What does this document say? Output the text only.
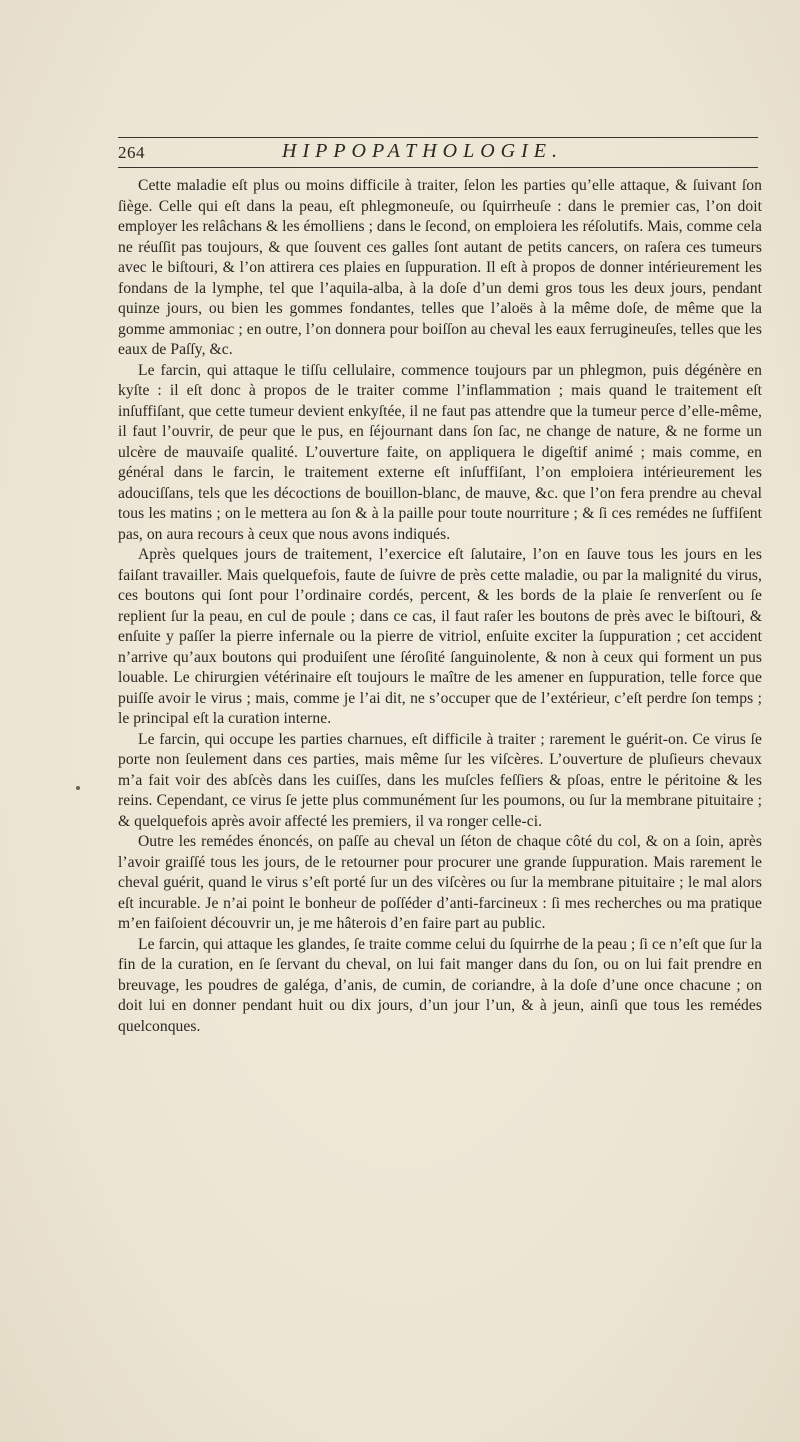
264	HIPPOPATHOLOGIE.

Cette maladie eſt plus ou moins difficile à traiter, ſelon les parties qu’elle attaque, & ſuivant ſon ſiège. Celle qui eſt dans la peau, eſt phlegmoneuſe, ou ſquirrheuſe : dans le premier cas, l’on doit employer les relâchans & les émolliens ; dans le ſecond, on emploiera les réſolutifs. Mais, comme cela ne réuſſit pas toujours, & que ſouvent ces galles ſont autant de petits cancers, on raſera ces tumeurs avec le biſtouri, & l’on attirera ces plaies en ſuppuration. Il eſt à propos de donner intérieurement les fondans de la lymphe, tel que l’aquila-alba, à la doſe d’un demi gros tous les deux jours, pendant quinze jours, ou bien les gommes fondantes, telles que l’aloës à la même doſe, de même que la gomme ammoniac ; en outre, l’on donnera pour boiſſon au cheval les eaux ferrugineuſes, telles que les eaux de Paſſy, &c.

Le farcin, qui attaque le tiſſu cellulaire, commence toujours par un phlegmon, puis dégénère en kyſte : il eſt donc à propos de le traiter comme l’inflammation ; mais quand le traitement eſt inſuffiſant, que cette tumeur devient enkyſtée, il ne faut pas attendre que la tumeur perce d’elle-même, il faut l’ouvrir, de peur que le pus, en ſéjournant dans ſon ſac, ne change de nature, & ne forme un ulcère de mauvaiſe qualité. L’ouverture faite, on appliquera le digeſtif animé ; mais comme, en général dans le farcin, le traitement externe eſt inſuffiſant, l’on emploiera intérieurement les adouciſſans, tels que les décoctions de bouillon-blanc, de mauve, &c. que l’on fera prendre au cheval tous les matins ; on le mettera au ſon & à la paille pour toute nourriture ; & ſi ces remédes ne ſuffiſent pas, on aura recours à ceux que nous avons indiqués.

Après quelques jours de traitement, l’exercice eſt ſalutaire, l’on en ſauve tous les jours en les faiſant travailler. Mais quelquefois, faute de ſuivre de près cette maladie, ou par la malignité du virus, ces boutons qui ſont pour l’ordinaire cordés, percent, & les bords de la plaie ſe renverſent ou ſe replient ſur la peau, en cul de poule ; dans ce cas, il faut raſer les boutons de près avec le biſtouri, & enſuite y paſſer la pierre infernale ou la pierre de vitriol, enſuite exciter la ſuppuration ; cet accident n’arrive qu’aux boutons qui produiſent une ſéroſité ſanguinolente, & non à ceux qui forment un pus louable. Le chirurgien vétérinaire eſt toujours le maître de les amener en ſuppuration, telle force que puiſſe avoir le virus ; mais, comme je l’ai dit, ne s’occuper que de l’extérieur, c’eſt perdre ſon temps ; le principal eſt la curation interne.

Le farcin, qui occupe les parties charnues, eſt difficile à traiter ; rarement le guérit-on. Ce virus ſe porte non ſeulement dans ces parties, mais même ſur les viſcères. L’ouverture de pluſieurs chevaux m’a fait voir des abſcès dans les cuiſſes, dans les muſcles feſſiers & pſoas, entre le péritoine & les reins. Cependant, ce virus ſe jette plus communément ſur les poumons, ou ſur la membrane pituitaire ; & quelquefois après avoir affecté les premiers, il va ronger celle-ci.

Outre les remédes énoncés, on paſſe au cheval un ſéton de chaque côté du col, & on a ſoin, après l’avoir graiſſé tous les jours, de le retourner pour procurer une grande ſuppuration. Mais rarement le cheval guérit, quand le virus s’eſt porté ſur un des viſcères ou ſur la membrane pituitaire ; le mal alors eſt incurable. Je n’ai point le bonheur de poſſéder d’anti-farcineux : ſi mes recherches ou ma pratique m’en faiſoient découvrir un, je me hâterois d’en faire part au public.

Le farcin, qui attaque les glandes, ſe traite comme celui du ſquirrhe de la peau ; ſi ce n’eſt que ſur la fin de la curation, en ſe ſervant du cheval, on lui fait manger dans du ſon, ou on lui fait prendre en breuvage, les poudres de galéga, d’anis, de cumin, de coriandre, à la doſe d’une once chacune ; on doit lui en donner pendant huit ou dix jours, d’un jour l’un, & à jeun, ainſi que tous les remédes quelconques.
